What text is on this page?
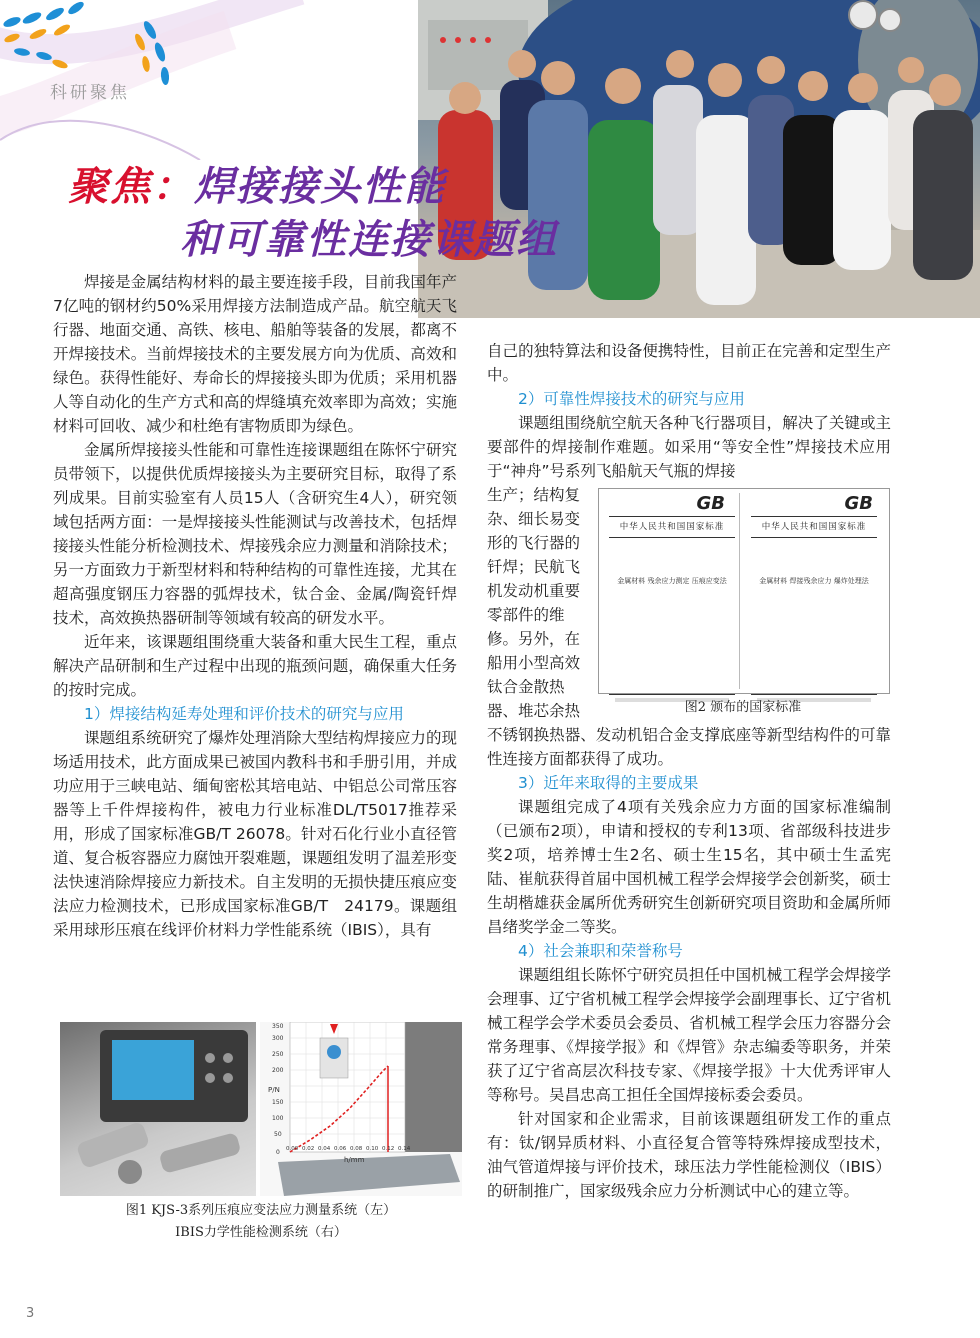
科研聚焦
聚焦：焊接接头性能
和可靠性连接课题组

焊接是金属结构材料的最主要连接手段，目前我国年产7亿吨的钢材约50%采用焊接方法制造成产品。航空航天飞行器、地面交通、高铁、核电、船舶等装备的发展，都离不开焊接技术。当前焊接技术的主要发展方向为优质、高效和绿色。获得性能好、寿命长的焊接接头即为优质；采用机器人等自动化的生产方式和高的焊缝填充效率即为高效；实施材料可回收、减少和杜绝有害物质即为绿色。

金属所焊接接头性能和可靠性连接课题组在陈怀宁研究员带领下，以提供优质焊接接头为主要研究目标，取得了系列成果。目前实验室有人员15人（含研究生4人），研究领域包括两方面：一是焊接接头性能测试与改善技术，包括焊接接头性能分析检测技术、焊接残余应力测量和消除技术；另一方面致力于新型材料和特种结构的可靠性连接，尤其在超高强度钢压力容器的弧焊技术，钛合金、金属/陶瓷钎焊技术，高效换热器研制等领域有较高的研发水平。

近年来，该课题组围绕重大装备和重大民生工程，重点解决产品研制和生产过程中出现的瓶颈问题，确保重大任务的按时完成。

1）焊接结构延寿处理和评价技术的研究与应用

课题组系统研究了爆炸处理消除大型结构焊接应力的现场适用技术，此方面成果已被国内教科书和手册引用，并成功应用于三峡电站、缅甸密松其培电站、中铝总公司常压容器等上千件焊接构件，被电力行业标准DL/T5017推荐采用，形成了国家标准GB/T 26078。针对石化行业小直径管道、复合板容器应力腐蚀开裂难题，课题组发明了温差形变法快速消除焊接应力新技术。自主发明的无损快捷压痕应变法应力检测技术，已形成国家标准GB/T　24179。课题组采用球形压痕在线评价材料力学性能系统（IBIS），具有

P/N
h/mm
0
50
100
150
200
250
300
350
0.00 0.02 0.04 0.06 0.08 0.10 0.12 0.14
图1 KJS-3系列压痕应变法应力测量系统（左）
IBIS力学性能检测系统（右）

自己的独特算法和设备便携特性，目前正在完善和定型生产中。

2）可靠性焊接技术的研究与应用

课题组围绕航空航天各种飞行器项目，解决了关键或主要部件的焊接制作难题。如采用“等安全性”焊接技术应用于“神舟”号系列飞船航天气瓶的焊接

生产；结构复
杂、细长易变
形的飞行器的
钎焊；民航飞
机发动机重要
零部件的维
修。另外，在
船用小型高效
钛合金散热
器、堆芯余热
GB
中华人民共和国国家标准
金属材料 残余应力测定 压痕应变法
GB
中华人民共和国国家标准
金属材料 焊接残余应力 爆炸处理法
图2 颁布的国家标准

不锈钢换热器、发动机铝合金支撑底座等新型结构件的可靠性连接方面都获得了成功。

3）近年来取得的主要成果

课题组完成了4项有关残余应力方面的国家标准编制（已颁布2项），申请和授权的专利13项、省部级科技进步奖2项，培养博士生2名、硕士生15名，其中硕士生孟宪陆、崔航获得首届中国机械工程学会焊接学会创新奖，硕士生胡楷雄获金属所优秀研究生创新研究项目资助和金属所师昌绪奖学金二等奖。

4）社会兼职和荣誉称号

课题组组长陈怀宁研究员担任中国机械工程学会焊接学会理事、辽宁省机械工程学会焊接学会副理事长、辽宁省机械工程学会学术委员会委员、省机械工程学会压力容器分会常务理事、《焊接学报》和《焊管》杂志编委等职务，并荣获了辽宁省高层次科技专家、《焊接学报》十大优秀评审人等称号。吴昌忠高工担任全国焊接标委会委员。

针对国家和企业需求，目前该课题组研发工作的重点有：钛/钢异质材料、小直径复合管等特殊焊接成型技术，油气管道焊接与评价技术，球压法力学性能检测仪（IBIS）的研制推广，国家级残余应力分析测试中心的建立等。

3
